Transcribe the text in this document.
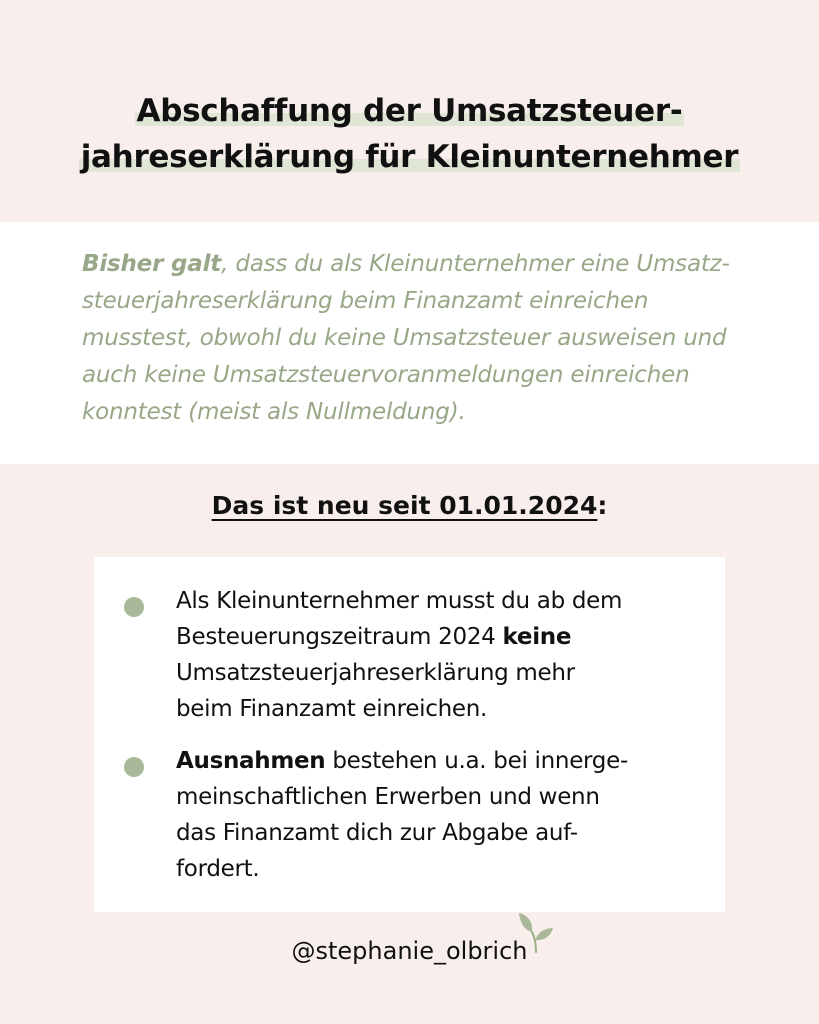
Abschaffung der Umsatzsteuer-
jahreserklärung für Kleinunternehmer
Bisher galt, dass du als Kleinunternehmer eine Umsatz-
steuerjahreserklärung beim Finanzamt einreichen
musstest, obwohl du keine Umsatzsteuer ausweisen und
auch keine Umsatzsteuervoranmeldungen einreichen
konntest (meist als Nullmeldung).
Das ist neu seit 01.01.2024:
Als Kleinunternehmer musst du ab dem
Besteuerungszeitraum 2024 keine
Umsatzsteuerjahreserklärung mehr
beim Finanzamt einreichen.
Ausnahmen bestehen u.a. bei innerge-
meinschaftlichen Erwerben und wenn
das Finanzamt dich zur Abgabe auf-
fordert.
@stephanie_olbrich
